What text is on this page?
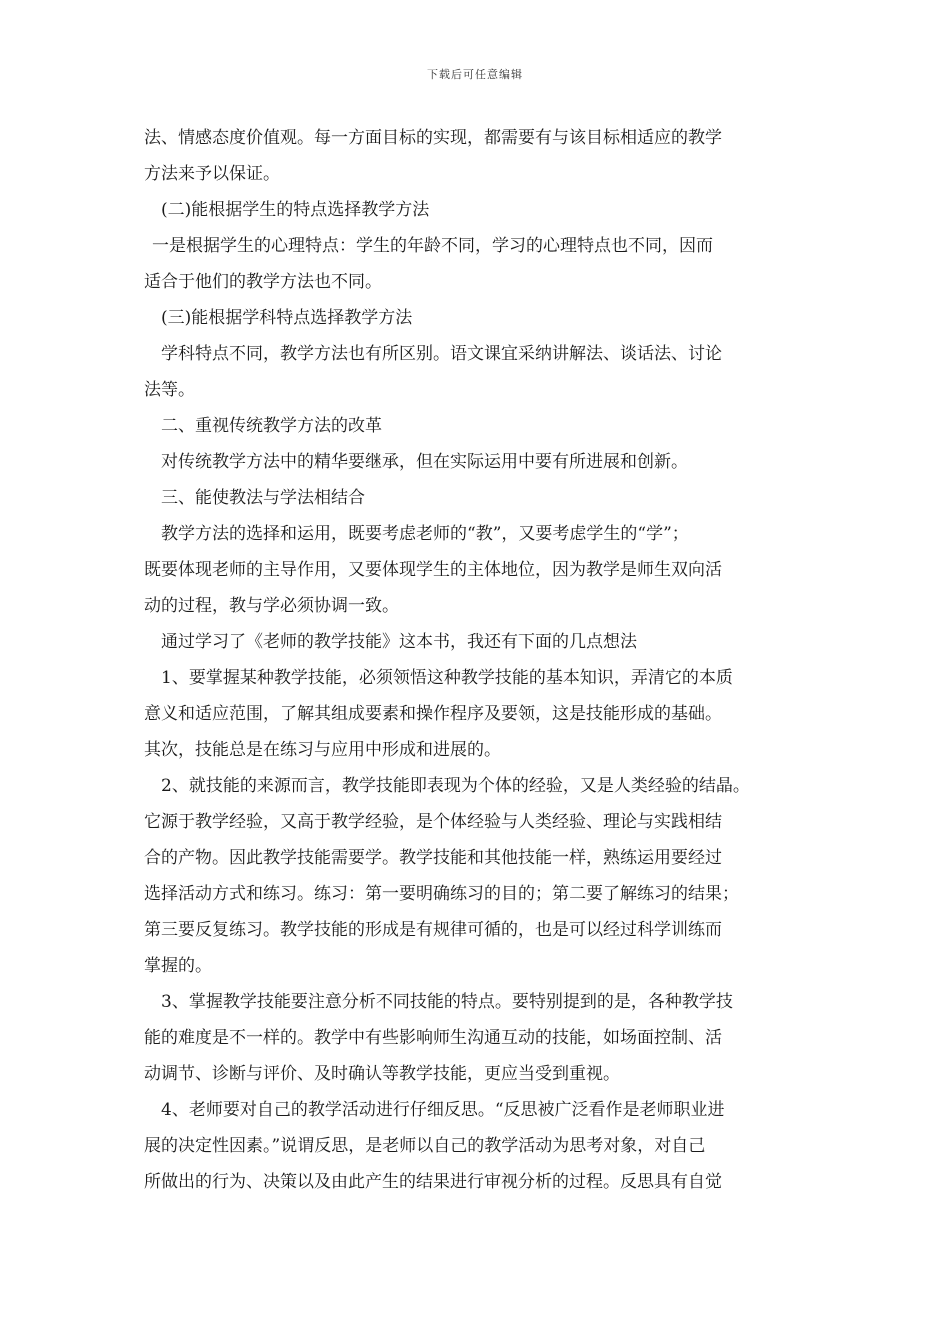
下载后可任意编辑
法、情感态度价值观。每一方面目标的实现，都需要有与该目标相适应的教学
方法来予以保证。
(二)能根据学生的特点选择教学方法
一是根据学生的心理特点：学生的年龄不同，学习的心理特点也不同，因而
适合于他们的教学方法也不同。
(三)能根据学科特点选择教学方法
学科特点不同，教学方法也有所区别。语文课宜采纳讲解法、谈话法、讨论
法等。
二、重视传统教学方法的改革
对传统教学方法中的精华要继承，但在实际运用中要有所进展和创新。
三、能使教法与学法相结合
教学方法的选择和运用，既要考虑老师的“教”，又要考虑学生的“学”；
既要体现老师的主导作用，又要体现学生的主体地位，因为教学是师生双向活
动的过程，教与学必须协调一致。
通过学习了《老师的教学技能》这本书，我还有下面的几点想法
1、要掌握某种教学技能，必须领悟这种教学技能的基本知识，弄清它的本质
意义和适应范围，了解其组成要素和操作程序及要领，这是技能形成的基础。
其次，技能总是在练习与应用中形成和进展的。
2、就技能的来源而言，教学技能即表现为个体的经验，又是人类经验的结晶。
它源于教学经验，又高于教学经验，是个体经验与人类经验、理论与实践相结
合的产物。因此教学技能需要学。教学技能和其他技能一样，熟练运用要经过
选择活动方式和练习。练习：第一要明确练习的目的；第二要了解练习的结果；
第三要反复练习。教学技能的形成是有规律可循的，也是可以经过科学训练而
掌握的。
3、掌握教学技能要注意分析不同技能的特点。要特别提到的是，各种教学技
能的难度是不一样的。教学中有些影响师生沟通互动的技能，如场面控制、活
动调节、诊断与评价、及时确认等教学技能，更应当受到重视。
4、老师要对自己的教学活动进行仔细反思。“反思被广泛看作是老师职业进
展的决定性因素。”说谓反思，是老师以自己的教学活动为思考对象，对自己
所做出的行为、决策以及由此产生的结果进行审视分析的过程。反思具有自觉
